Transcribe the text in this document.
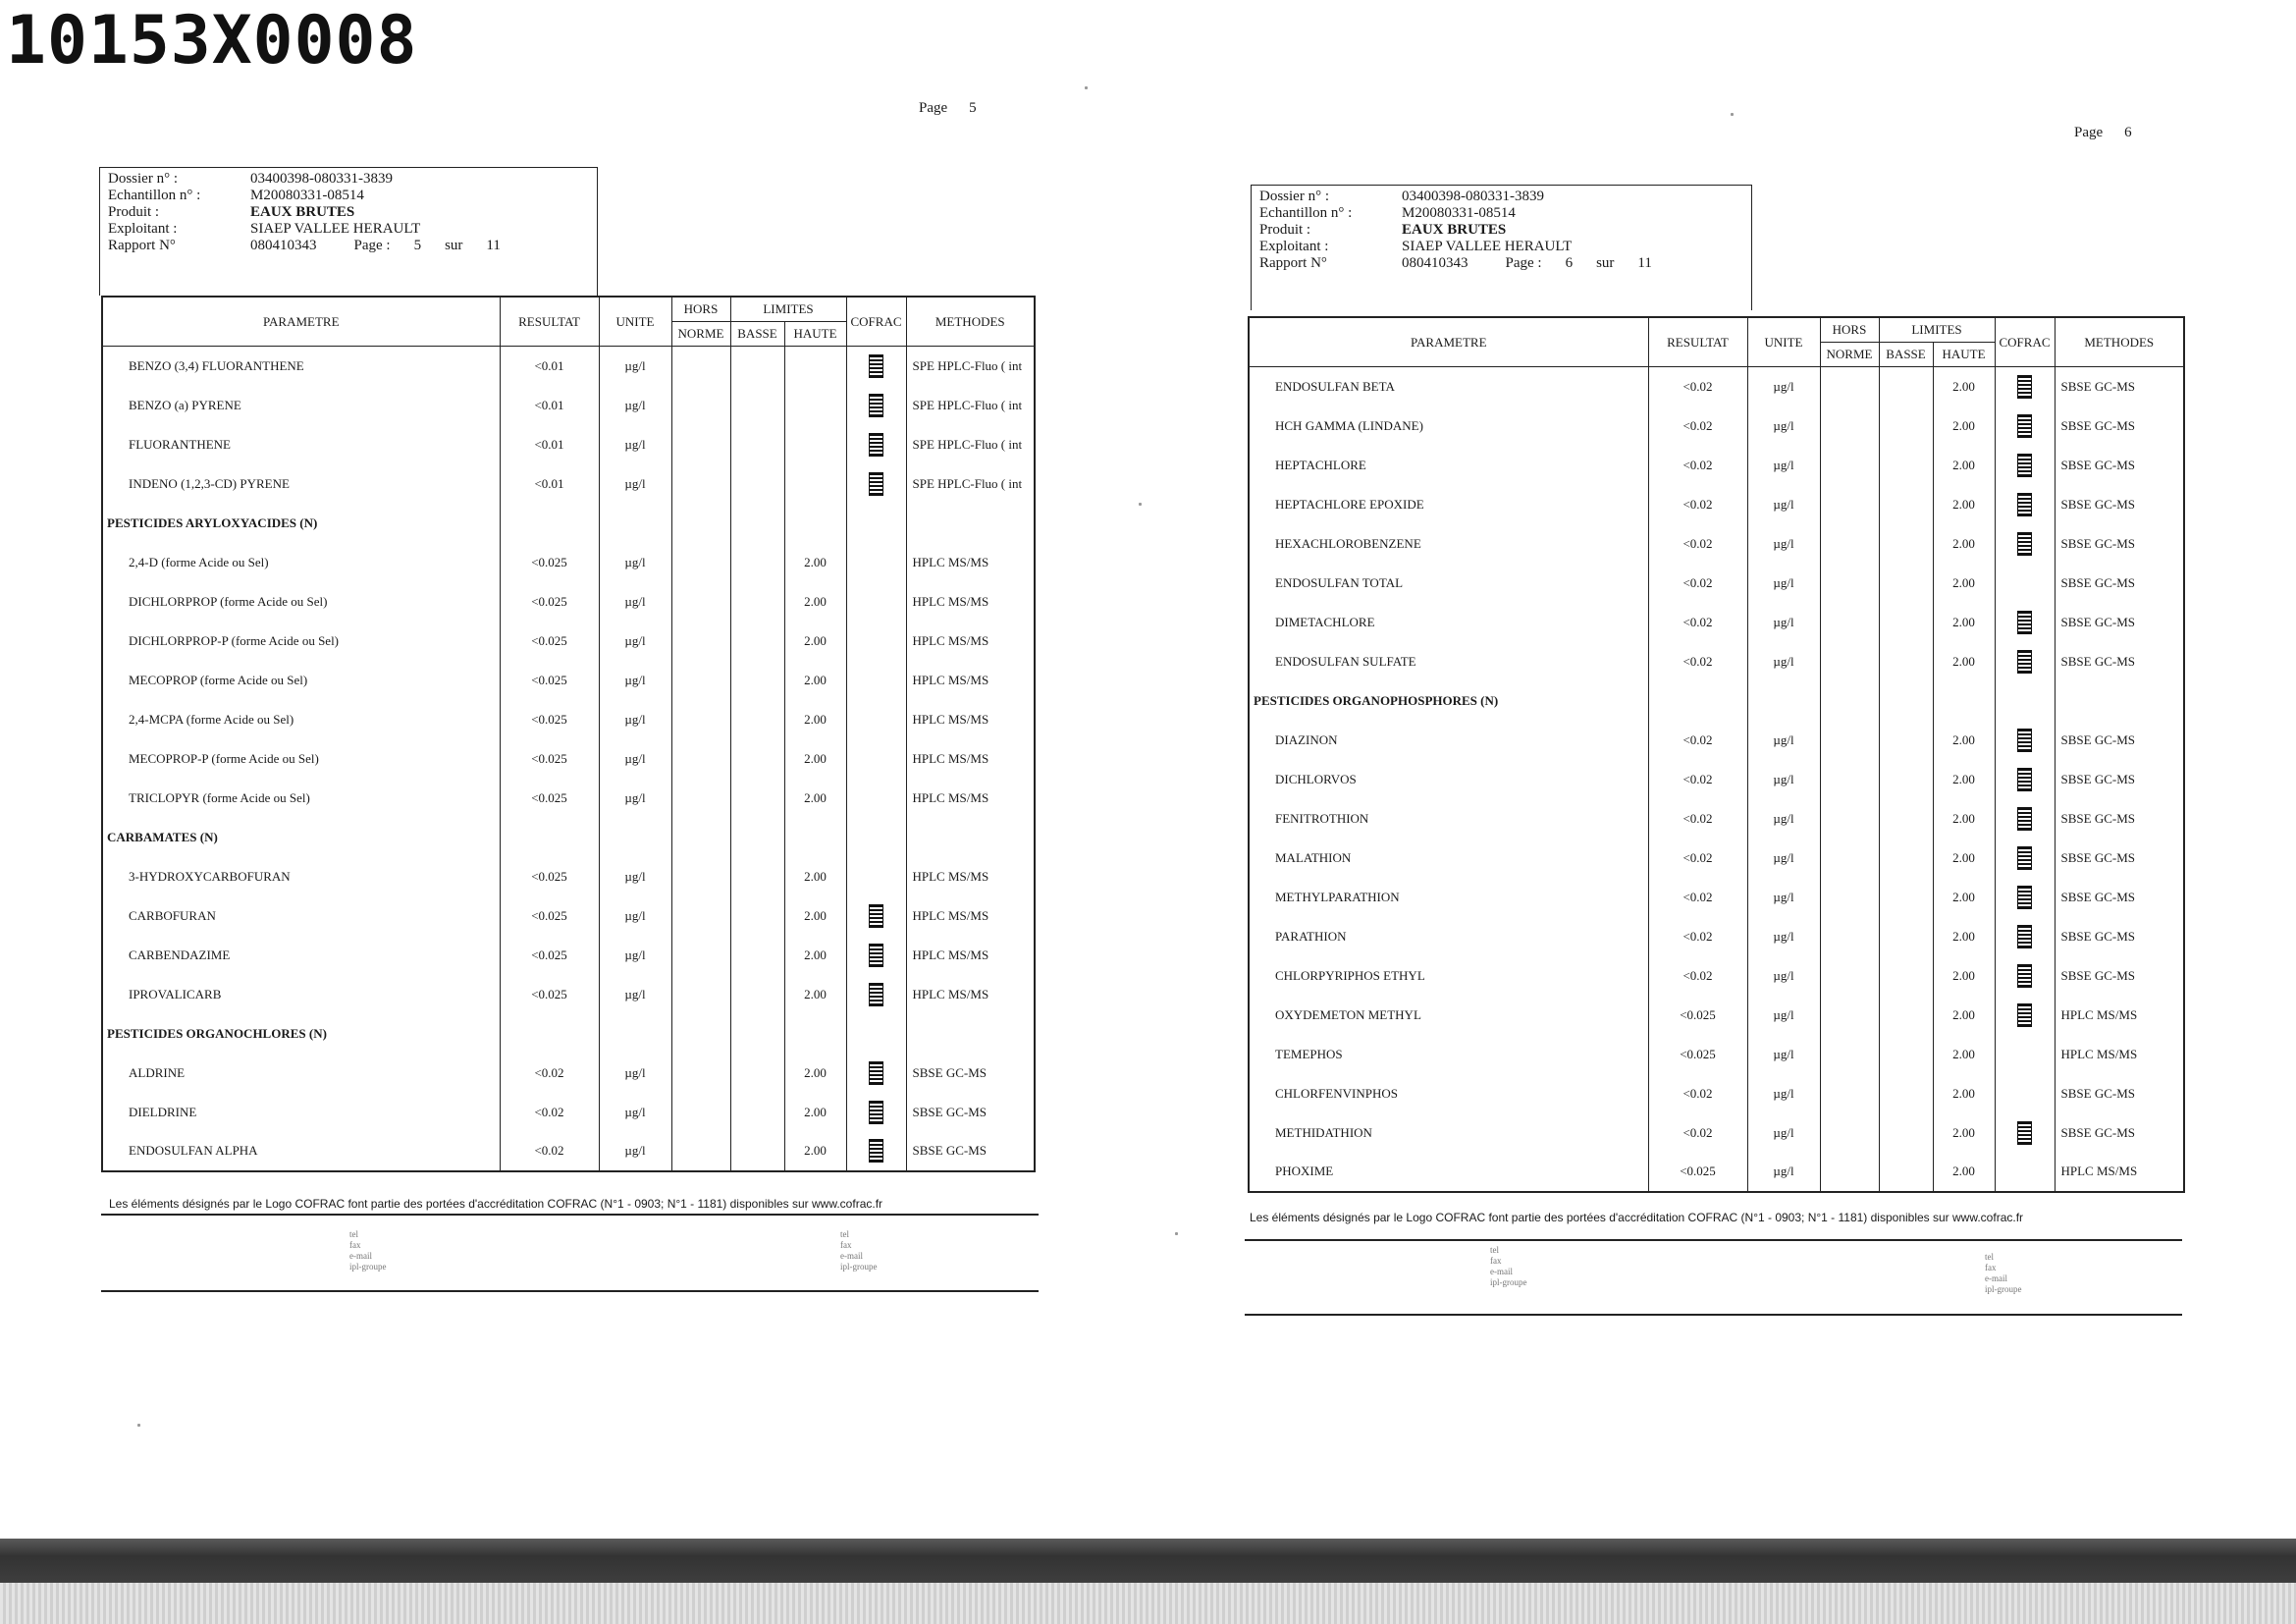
10153X0008
Page 5
Dossier n° :	03400398-080331-3839
Echantillon n° :	M20080331-08514
Produit :	EAUX BRUTES
Exploitant :	SIAEP VALLEE HERAULT
Rapport N°	080410343	Page : 5 sur 11
PARAMETRE	RESULTAT	UNITE	HORS	LIMITES		COFRAC	METHODES
			NORME	BASSE	HAUTE		
BENZO (3,4) FLUORANTHENE	<0.01	µg/l					SPE HPLC-Fluo ( int
BENZO (a) PYRENE	<0.01	µg/l					SPE HPLC-Fluo ( int
FLUORANTHENE	<0.01	µg/l					SPE HPLC-Fluo ( int
INDENO (1,2,3-CD) PYRENE	<0.01	µg/l					SPE HPLC-Fluo ( int
PESTICIDES ARYLOXYACIDES (N)							
2,4-D (forme Acide ou Sel)	<0.025	µg/l			2.00		HPLC MS/MS
DICHLORPROP (forme Acide ou Sel)	<0.025	µg/l			2.00		HPLC MS/MS
DICHLORPROP-P (forme Acide ou Sel)	<0.025	µg/l			2.00		HPLC MS/MS
MECOPROP (forme Acide ou Sel)	<0.025	µg/l			2.00		HPLC MS/MS
2,4-MCPA (forme Acide ou Sel)	<0.025	µg/l			2.00		HPLC MS/MS
MECOPROP-P (forme Acide ou Sel)	<0.025	µg/l			2.00		HPLC MS/MS
TRICLOPYR (forme Acide ou Sel)	<0.025	µg/l			2.00		HPLC MS/MS
CARBAMATES (N)							
3-HYDROXYCARBOFURAN	<0.025	µg/l			2.00		HPLC MS/MS
CARBOFURAN	<0.025	µg/l			2.00		HPLC MS/MS
CARBENDAZIME	<0.025	µg/l			2.00		HPLC MS/MS
IPROVALICARB	<0.025	µg/l			2.00		HPLC MS/MS
PESTICIDES ORGANOCHLORES (N)							
ALDRINE	<0.02	µg/l			2.00		SBSE GC-MS
DIELDRINE	<0.02	µg/l			2.00		SBSE GC-MS
ENDOSULFAN ALPHA	<0.02	µg/l			2.00		SBSE GC-MS
Les éléments désignés par le Logo COFRAC font partie des portées d'accréditation COFRAC (N°1 - 0903; N°1 - 1181) disponibles sur www.cofrac.fr
tel
fax
e-mail
ipl-groupe
tel
fax
e-mail
ipl-groupe
Page 6
Dossier n° :	03400398-080331-3839
Echantillon n° :	M20080331-08514
Produit :	EAUX BRUTES
Exploitant :	SIAEP VALLEE HERAULT
Rapport N°	080410343	Page : 6 sur 11
PARAMETRE	RESULTAT	UNITE	HORS	LIMITES		COFRAC	METHODES
			NORME	BASSE	HAUTE		
ENDOSULFAN BETA	<0.02	µg/l			2.00		SBSE GC-MS
HCH GAMMA (LINDANE)	<0.02	µg/l			2.00		SBSE GC-MS
HEPTACHLORE	<0.02	µg/l			2.00		SBSE GC-MS
HEPTACHLORE EPOXIDE	<0.02	µg/l			2.00		SBSE GC-MS
HEXACHLOROBENZENE	<0.02	µg/l			2.00		SBSE GC-MS
ENDOSULFAN TOTAL	<0.02	µg/l			2.00		SBSE GC-MS
DIMETACHLORE	<0.02	µg/l			2.00		SBSE GC-MS
ENDOSULFAN SULFATE	<0.02	µg/l			2.00		SBSE GC-MS
PESTICIDES ORGANOPHOSPHORES (N)							
DIAZINON	<0.02	µg/l			2.00		SBSE GC-MS
DICHLORVOS	<0.02	µg/l			2.00		SBSE GC-MS
FENITROTHION	<0.02	µg/l			2.00		SBSE GC-MS
MALATHION	<0.02	µg/l			2.00		SBSE GC-MS
METHYLPARATHION	<0.02	µg/l			2.00		SBSE GC-MS
PARATHION	<0.02	µg/l			2.00		SBSE GC-MS
CHLORPYRIPHOS ETHYL	<0.02	µg/l			2.00		SBSE GC-MS
OXYDEMETON METHYL	<0.025	µg/l			2.00		HPLC MS/MS
TEMEPHOS	<0.025	µg/l			2.00		HPLC MS/MS
CHLORFENVINPHOS	<0.02	µg/l			2.00		SBSE GC-MS
METHIDATHION	<0.02	µg/l			2.00		SBSE GC-MS
PHOXIME	<0.025	µg/l			2.00		HPLC MS/MS
Les éléments désignés par le Logo COFRAC font partie des portées d'accréditation COFRAC (N°1 - 0903; N°1 - 1181) disponibles sur www.cofrac.fr
tel
fax
e-mail
ipl-groupe
tel
fax
e-mail
ipl-groupe
